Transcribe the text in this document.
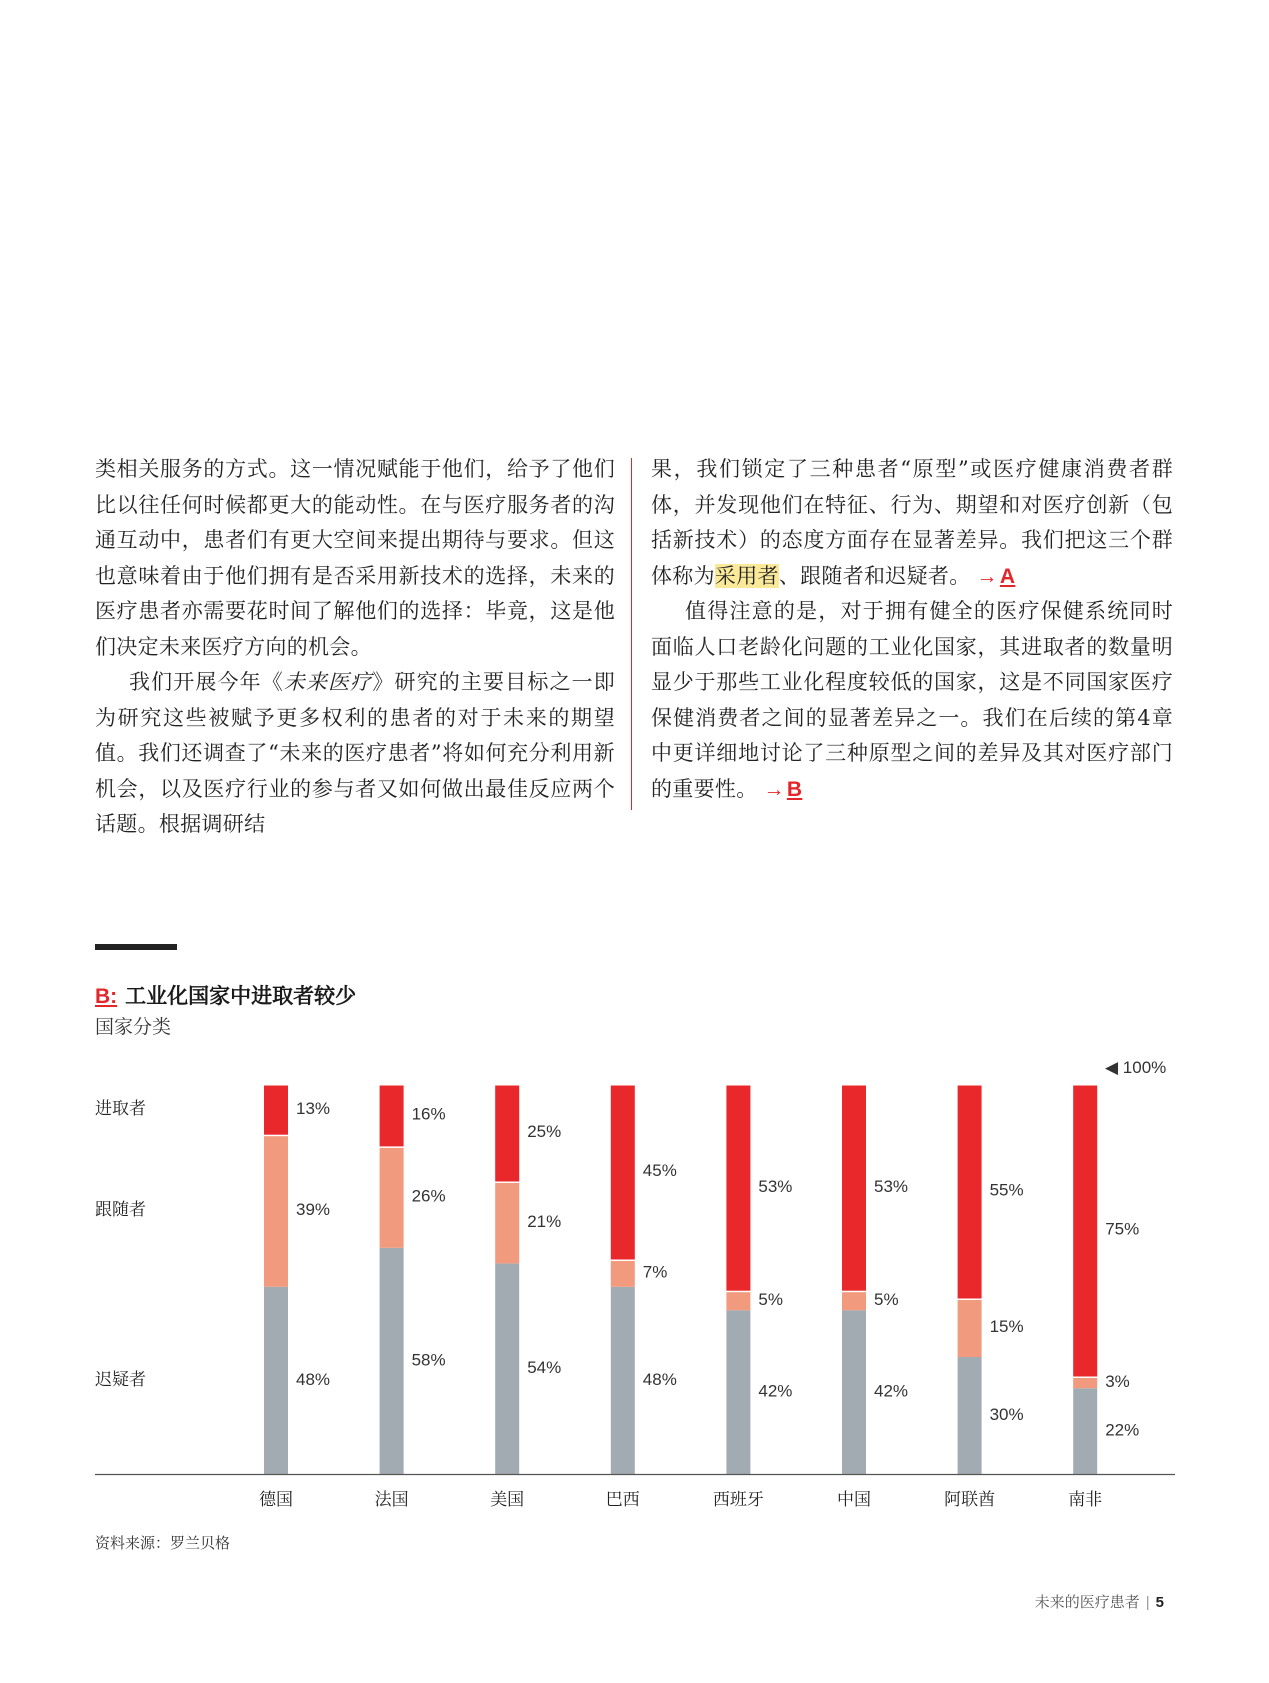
类相关服务的方式。这一情况赋能于他们，给予了他们比以往任何时候都更大的能动性。在与医疗服务者的沟通互动中，患者们有更大空间来提出期待与要求。但这也意味着由于他们拥有是否采用新技术的选择，未来的医疗患者亦需要花时间了解他们的选择：毕竟，这是他们决定未来医疗方向的机会。

我们开展今年《未来医疗》研究的主要目标之一即为研究这些被赋予更多权利的患者的对于未来的期望值。我们还调查了“未来的医疗患者”将如何充分利用新机会，以及医疗行业的参与者又如何做出最佳反应两个话题。根据调研结

果，我们锁定了三种患者“原型”或医疗健康消费者群体，并发现他们在特征、行为、期望和对医疗创新（包括新技术）的态度方面存在显著差异。我们把这三个群体称为采用者、跟随者和迟疑者。 → A

值得注意的是，对于拥有健全的医疗保健系统同时面临人口老龄化问题的工业化国家，其进取者的数量明显少于那些工业化程度较低的国家，这是不同国家医疗保健消费者之间的显著差异之一。我们在后续的第4章中更详细地讨论了三种原型之间的差异及其对医疗部门的重要性。 → B

B: 工业化国家中进取者较少
国家分类
迟疑者
跟随者
进取者
48%
39%
13%
58%
26%
16%
54%
21%
25%
48%
7%
45%
42%
5%
53%
42%
5%
53%
30%
15%
55%
22%
3%
75%
德国	法国	美国	巴西	西班牙	中国	阿联酋	南非
◀ 100%
资料来源：罗兰贝格
未来的医疗患者 | 5
